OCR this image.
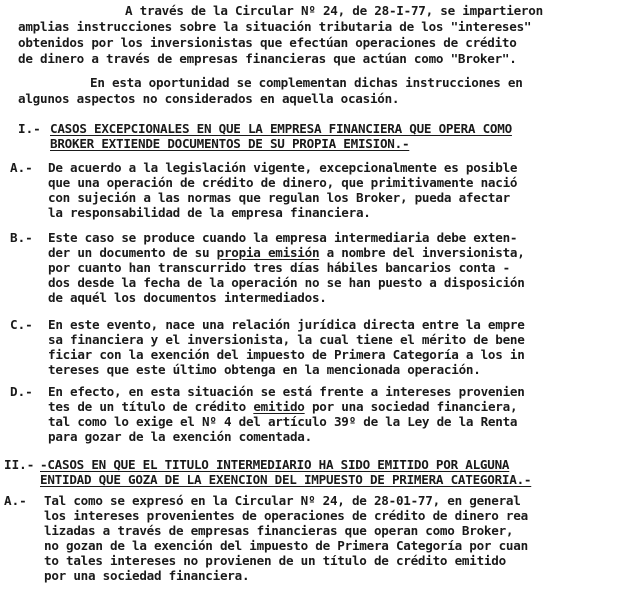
A través de la Circular Nº 24, de 28-I-77, se impartieron
amplias instrucciones sobre la situación tributaria de los "intereses"
obtenidos por los inversionistas que efectúan operaciones de crédito
de dinero a través de empresas financieras que actúan como "Broker".
En esta oportunidad se complementan dichas instrucciones en
algunos aspectos no considerados en aquella ocasión.
I.- CASOS EXCEPCIONALES EN QUE LA EMPRESA FINANCIERA QUE OPERA COMO
BROKER EXTIENDE DOCUMENTOS DE SU PROPIA EMISION.-
A.- De acuerdo a la legislación vigente, excepcionalmente es posible
que una operación de crédito de dinero, que primitivamente nació
con sujeción a las normas que regulan los Broker, pueda afectar
la responsabilidad de la empresa financiera.
B.- Este caso se produce cuando la empresa intermediaria debe exten-
der un documento de su propia emisión a nombre del inversionista,
por cuanto han transcurrido tres días hábiles bancarios conta -
dos desde la fecha de la operación no se han puesto a disposición
de aquél los documentos intermediados.
C.- En este evento, nace una relación jurídica directa entre la empre
sa financiera y el inversionista, la cual tiene el mérito de bene
ficiar con la exención del impuesto de Primera Categoría a los in
tereses que este último obtenga en la mencionada operación.
D.- En efecto, en esta situación se está frente a intereses provenien
tes de un título de crédito emitido por una sociedad financiera,
tal como lo exige el Nº 4 del artículo 39º de la Ley de la Renta
para gozar de la exención comentada.
II.- -CASOS EN QUE EL TITULO INTERMEDIARIO HA SIDO EMITIDO POR ALGUNA
ENTIDAD QUE GOZA DE LA EXENCION DEL IMPUESTO DE PRIMERA CATEGORIA.-
A.- Tal como se expresó en la Circular Nº 24, de 28-01-77, en general
los intereses provenientes de operaciones de crédito de dinero rea
lizadas a través de empresas financieras que operan como Broker,
no gozan de la exención del impuesto de Primera Categoría por cuan
to tales intereses no provienen de un título de crédito emitido
por una sociedad financiera.
